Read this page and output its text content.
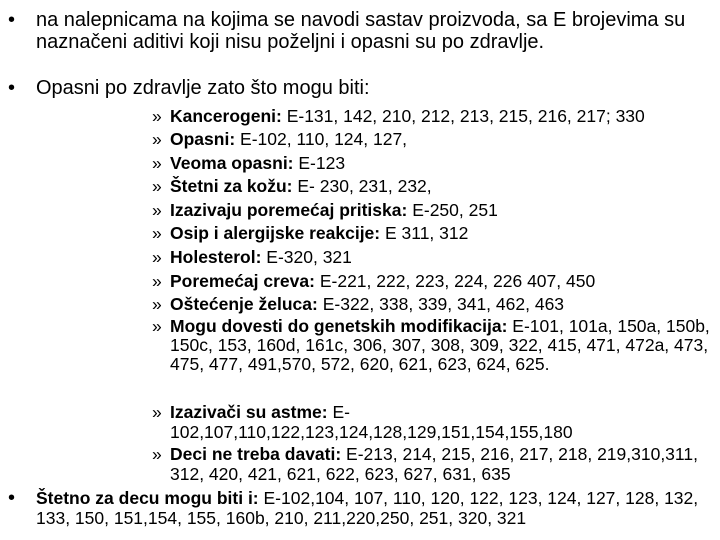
• na nalepnicama na kojima se navodi sastav proizvoda, sa E brojevima su naznačeni aditivi koji nisu poželjni i opasni su po zdravlje.
• Opasni po zdravlje zato što mogu biti:
» Kancerogeni: E-131, 142, 210, 212, 213, 215, 216, 217; 330
» Opasni: E-102, 110, 124, 127,
» Veoma opasni: E-123
» Štetni za kožu: E- 230, 231, 232,
» Izazivaju poremećaj pritiska: E-250, 251
» Osip i alergijske reakcije: E 311, 312
» Holesterol: E-320, 321
» Poremećaj creva: E-221, 222, 223, 224, 226 407, 450
» Oštećenje želuca: E-322, 338, 339, 341, 462, 463
» Mogu dovesti do genetskih modifikacija: E-101, 101a, 150a, 150b, 150c, 153, 160d, 161c, 306, 307, 308, 309, 322, 415, 471, 472a, 473, 475, 477, 491,570, 572, 620, 621, 623, 624, 625.
» Izazivači su astme: E-102,107,110,122,123,124,128,129,151,154,155,180
» Deci ne treba davati: E-213, 214, 215, 216, 217, 218, 219,310,311, 312, 420, 421, 621, 622, 623, 627, 631, 635
• Štetno za decu mogu biti i: E-102,104, 107, 110, 120, 122, 123, 124, 127, 128, 132, 133, 150, 151,154, 155, 160b, 210, 211,220,250, 251, 320, 321
